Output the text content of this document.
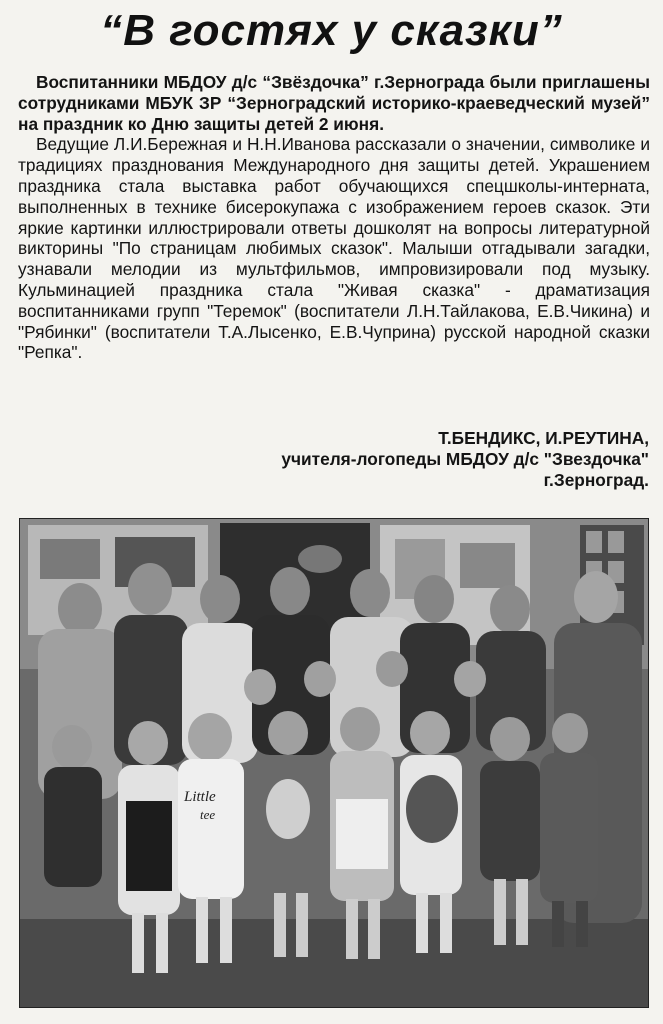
“В гостях у сказки”

Воспитанники МБДОУ д/с “Звёздочка” г.Зернограда были приглашены сотрудниками МБУК ЗР “Зерноградский историко-краеведческий музей” на праздник ко Дню защиты детей 2 июня.

Ведущие Л.И.Бережная и Н.Н.Иванова рассказали о значении, символике и традициях празднования Международного дня защиты детей. Украшением праздника стала выставка работ обучающихся спецшколы-интерната, выполненных в технике бисерокупажа с изображением героев сказок. Эти яркие картинки иллюстрировали ответы дошколят на вопросы литературной викторины "По страницам любимых сказок". Малыши отгадывали загадки, узнавали мелодии из мультфильмов, импровизировали под музыку. Кульминацией праздника стала "Живая сказка" - драматизация воспитанниками групп "Теремок" (воспитатели Л.Н.Тайлакова, Е.В.Чикина) и "Рябинки" (воспитатели Т.А.Лысенко, Е.В.Чуприна) русской народной сказки "Репка".

Т.БЕНДИКС, И.РЕУТИНА,
учителя-логопеды МБДОУ д/с "Звездочка"
г.Зерноград.
Little
tee
